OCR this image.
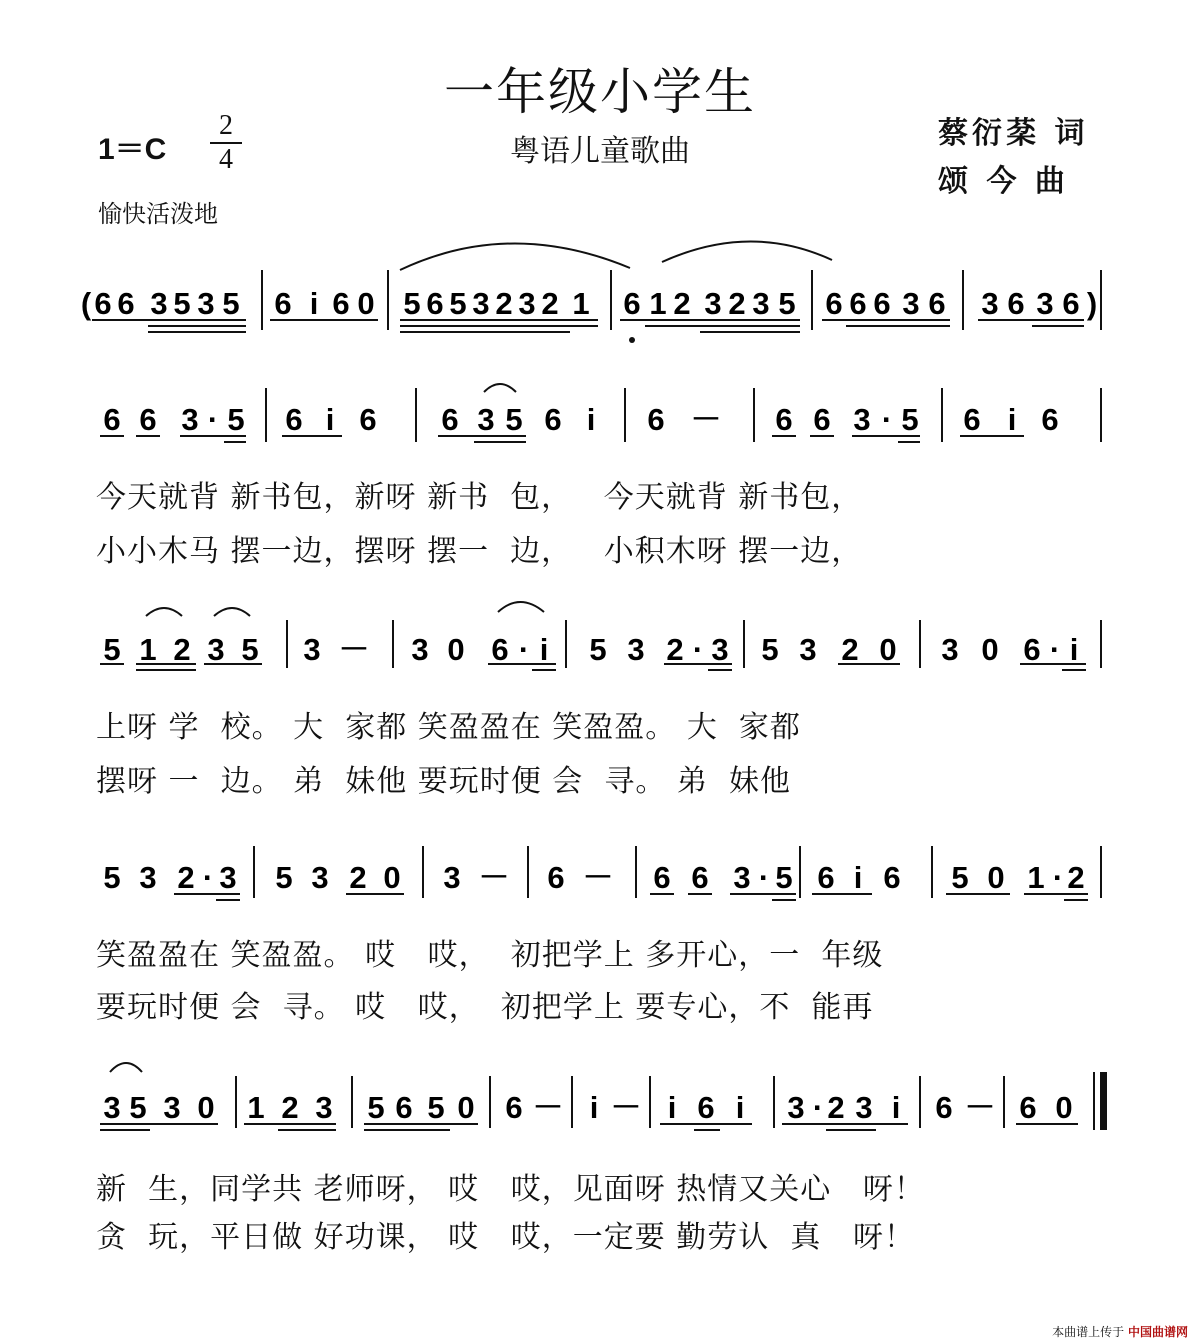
一年级小学生
粤语儿童歌曲
1＝C
2
4
愉快活泼地
蔡衍棻 词
颂 今 曲
( 6 6 3 5 3 5 6 i 6 0 5 6 5 3 2 3 2 1 6 1 2 3 2 3 5 6 6 6 3 6 3 6 3 6 )
6 6 3 · 5 6 i 6 6 3 5 6 i 6 － 6 6 3 · 5 6 i 6
5 1 2 3 5 3 － 3 0 6 · i 5 3 2 · 3 5 3 2 0 3 0 6 · i
5 3 2 · 3 5 3 2 0 3 － 6 － 6 6 3 · 5 6 i 6 5 0 1 · 2
3 5 3 0 1 2 3 5 6 5 0 6 － i － i 6 i 3 · 2 3 i 6 － 6 0
今天就背 新书包，新呀 新书  包，   今天就背 新书包，
小小木马 摆一边，摆呀 摆一  边，   小积木呀 摆一边，
上呀 学  校。 大  家都 笑盈盈在 笑盈盈。 大  家都
摆呀 一  边。 弟  妹他 要玩时便 会  寻。 弟  妹他
笑盈盈在 笑盈盈。 哎   哎，  初把学上 多开心，一  年级
要玩时便 会  寻。 哎   哎，  初把学上 要专心，不  能再
新  生，同学共 老师呀， 哎   哎，见面呀 热情又关心   呀！
贪  玩，平日做 好功课， 哎   哎，一定要 勤劳认  真   呀！
本曲谱上传于 中国曲谱网
